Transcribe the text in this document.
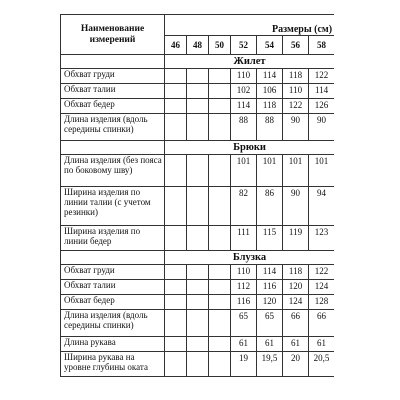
Наименование измерений	Размеры (см)						
	46	48	50	52	54	56	58
	Жилет						
Обхват груди				110	114	118	122
Обхват талии				102	106	110	114
Обхват бедер				114	118	122	126
Длина изделия (вдоль середины спинки)				88	88	90	90
	Брюки						
Длина изделия (без пояса по боковому шву)				101	101	101	101
Ширина изделия по линии талии (с учетом резинки)				82	86	90	94
Ширина изделия по линии бедер				111	115	119	123
	Блузка						
Обхват груди				110	114	118	122
Обхват талии				112	116	120	124
Обхват бедер				116	120	124	128
Длина изделия (вдоль середины спинки)				65	65	66	66
Длина рукава				61	61	61	61
Ширина рукава на уровне глубины оката				19	19,5	20	20,5
